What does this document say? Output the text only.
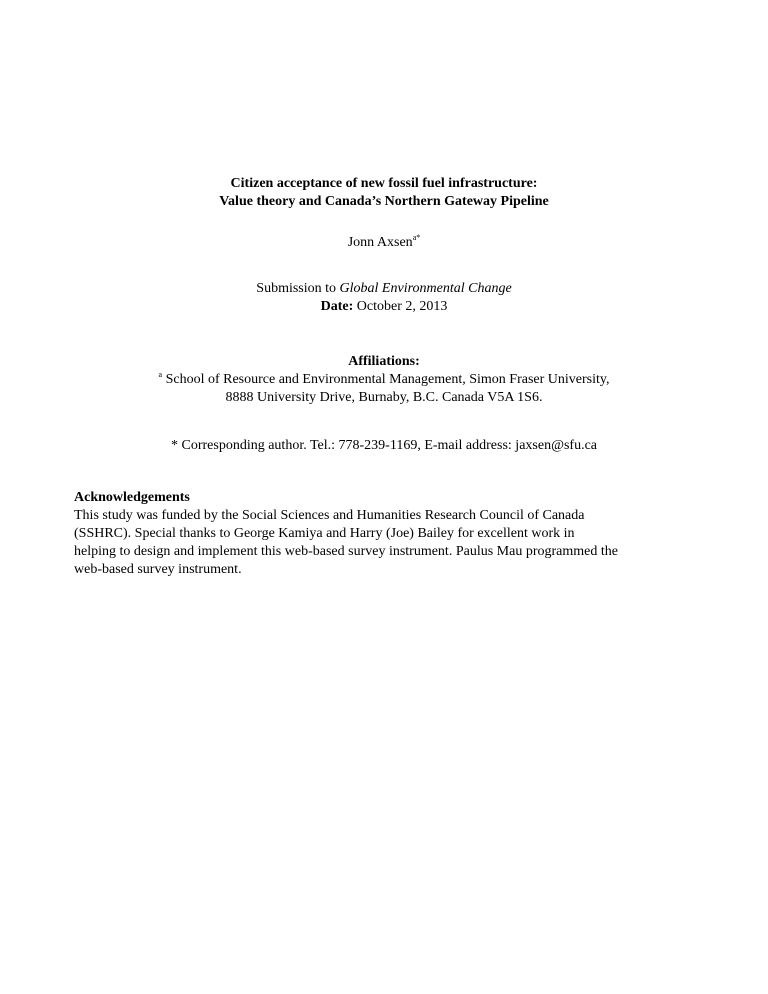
Citizen acceptance of new fossil fuel infrastructure:
Value theory and Canada’s Northern Gateway Pipeline
Jonn Axsen$^{a*}$
Submission to Global Environmental Change
Date: October 2, 2013
Affiliations:
$^a$ School of Resource and Environmental Management, Simon Fraser University,
8888 University Drive, Burnaby, B.C. Canada V5A 1S6.
* Corresponding author. Tel.: 778-239-1169, E-mail address: jaxsen@sfu.ca

Acknowledgements

This study was funded by the Social Sciences and Humanities Research Council of Canada

(SSHRC). Special thanks to George Kamiya and Harry (Joe) Bailey for excellent work in

helping to design and implement this web-based survey instrument. Paulus Mau programmed the

web-based survey instrument.
